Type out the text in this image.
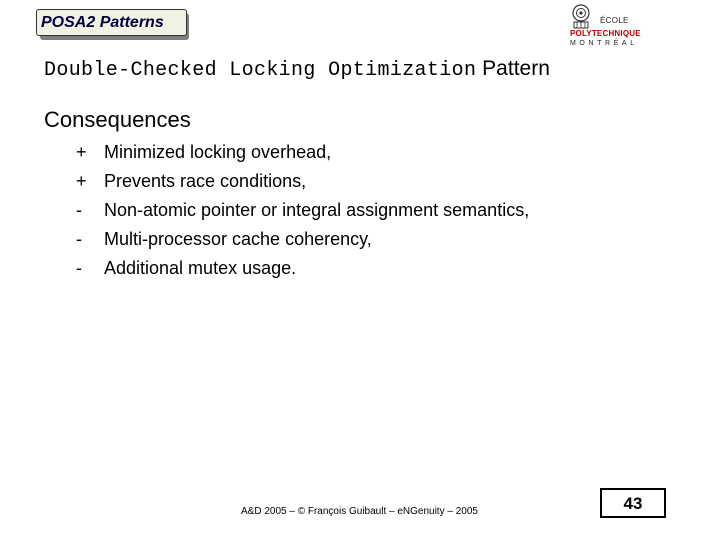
POSA2 Patterns	ÉCOLE
POLYTECHNIQUE
MONTRÉAL
Double-Checked Locking Optimization Pattern
Consequences
+ Minimized locking overhead,
+ Prevents race conditions,
-	Non-atomic pointer or integral assignment semantics,
-	Multi-processor cache coherency,
-	Additional mutex usage.
A&D 2005 – © François Guibault – eNGenuity – 2005	43
